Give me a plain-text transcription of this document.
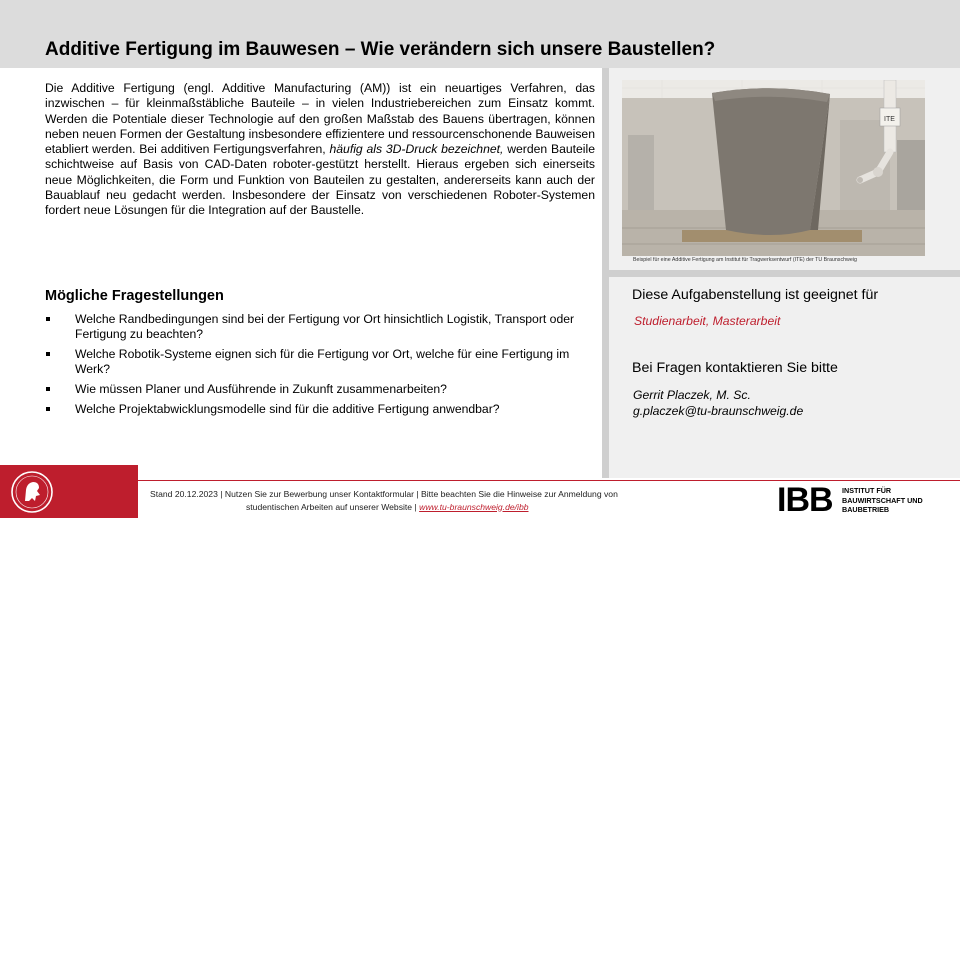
Additive Fertigung im Bauwesen – Wie verändern sich unsere Baustellen?
Die Additive Fertigung (engl. Additive Manufacturing (AM)) ist ein neuartiges Verfahren, das inzwischen – für kleinmaßstäbliche Bauteile – in vielen Industriebereichen zum Einsatz kommt. Werden die Potentiale dieser Technologie auf den großen Maßstab des Bauens übertragen, können neben neuen Formen der Gestaltung insbesondere effizientere und ressourcenschonende Bauweisen etabliert werden. Bei additiven Fertigungsverfahren, häufig als 3D-Druck bezeichnet, werden Bauteile schichtweise auf Basis von CAD-Daten roboter-gestützt herstellt. Hieraus ergeben sich einerseits neue Möglichkeiten, die Form und Funktion von Bauteilen zu gestalten, andererseits kann auch der Bauablauf neu gedacht werden. Insbesondere der Einsatz von verschiedenen Roboter-Systemen fordert neue Lösungen für die Integration auf der Baustelle.
ITE
Beispiel für eine Additive Fertigung am Institut für Tragwerksentwurf (ITE) der TU Braunschweig
Mögliche Fragestellungen
Welche Randbedingungen sind bei der Fertigung vor Ort hinsichtlich Logistik, Transport oder Fertigung zu beachten?
Welche Robotik-Systeme eignen sich für die Fertigung vor Ort, welche für eine Fertigung im Werk?
Wie müssen Planer und Ausführende in Zukunft zusammenarbeiten?
Welche Projektabwicklungsmodelle sind für die additive Fertigung anwendbar?
Diese Aufgabenstellung ist geeignet für
Studienarbeit, Masterarbeit
Bei Fragen kontaktieren Sie bitte
Gerrit Placzek, M. Sc.
g.placzek@tu-braunschweig.de
Technische
Universität
Braunschweig
Stand 20.12.2023 | Nutzen Sie zur Bewerbung unser Kontaktformular | Bitte beachten Sie die Hinweise zur Anmeldung von
studentischen Arbeiten auf unserer Website | www.tu-braunschweig.de/ibb	IBB INSTITUT FÜR
BAUWIRTSCHAFT UND
BAUBETRIEB
